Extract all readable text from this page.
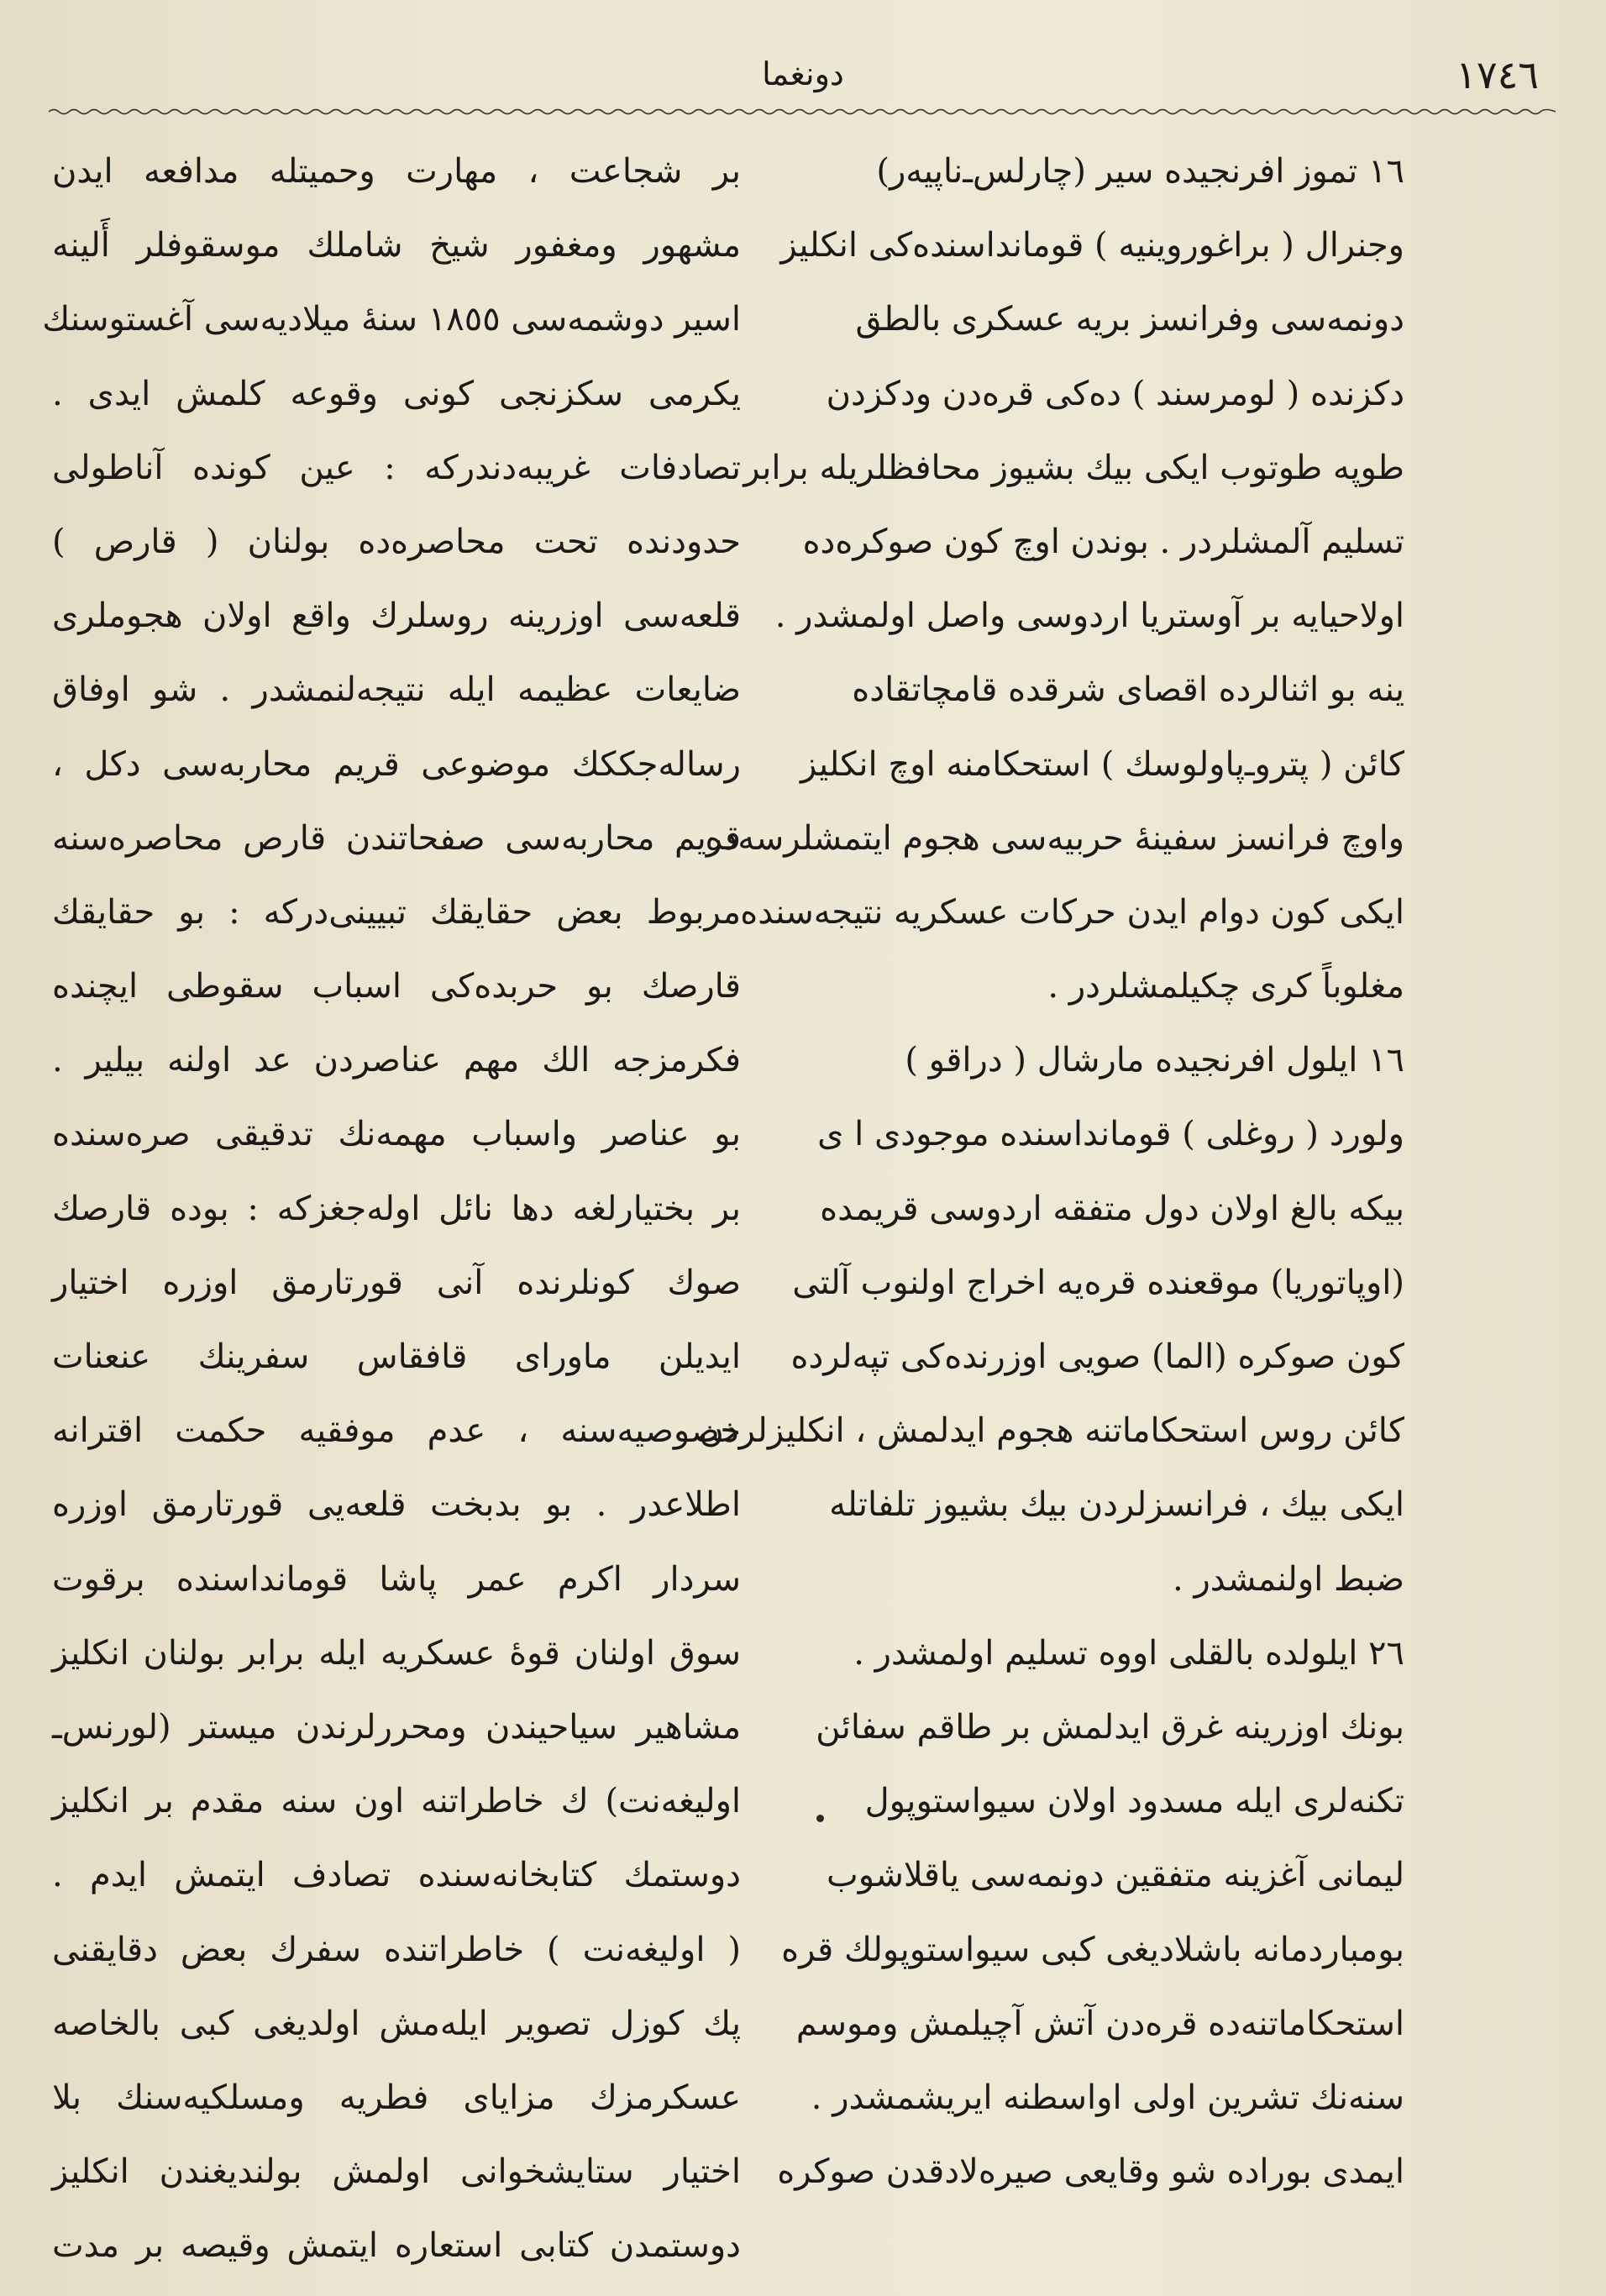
١٧٤٦
دونغما
١٦ تموز افرنجيده سير (چارلس‌ـ‌ناپيه‌ر)
وجنرال ( براغوروينيه ) قوماندا‌سنده‌كى انكليز
دونمه‌سى وفرانسز بريه عسكرى بالطق
دكزنده ( لومرسند ) ده‌كى قره‌دن ودكزدن
طوپه طوتوب ايكى بيك بشيوز محافظلريله برابر
تسليم آلمشلردر . بوندن اوچ كون صوكره‌ده
اولاحيايه بر آوستريا اردوسى واصل اولمشدر .
ينه بو اثنالرده اقصاى شرقده قامچاتقاده
كائن ( پترو‌ـ‌پاولوسك ) استحكامنه اوچ انكليز
واوچ فرانسز سفينهٔ حربيه‌سى هجوم ايتمشلرسه‌ده
ايكى كون دوام ايدن حركات عسكريه نتيجه‌سنده
مغلوباً كرى چكيلمشلردر .
١٦ ايلول افرنجيده مارشال ( دراقو )
ولورد ( روغلى ) قوماندا‌سنده موجودى ا ى
بيكه بالغ اولان دول متفقه اردوسى قريمده
(اوپاتوريا) موقعنده قره‌يه اخراج اولنوب آلتى
كون صوكره (الما) صويى اوزرنده‌كى تپه‌لرده
كائن روس استحكاماتنه هجوم ايدلمش ، انكليزلردن
ايكى بيك ، فرانسزلردن بيك بشيوز تلفاتله
ضبط اولنمشدر .
٢٦ ايلولده بالقلى اووه تسليم اولمشدر .
بونك اوزرينه غرق ايدلمش بر طاقم سفائن
تكنه‌لرى ايله مسدود اولان سيواستوپول
ليمانى آغزينه متفقين دونمه‌سى ياقلاشوب
بومباردمانه باشلاديغى كبى سيواستوپولك قره
استحكاماتنه‌ده قره‌دن آتش آچيلمش وموسم
سنه‌نك تشرين اولى اواسطنه ايريشمشدر .
ايمدى بوراده شو وقايعى صيره‌لادقدن صوكره
بر شجاعت ، مهارت وحميتله مدافعه ايدن
مشهور ومغفور شيخ شاملك موسقوفلر أَلينه
اسير دوشمه‌سى ١٨٥٥ سنهٔ ميلاديه‌سى آغستوسنك
يكرمى سكزنجى كونى وقوعه كلمش ايدى .
تصادفات غريبه‌دندركه : عين كونده آناطولى
حدودنده تحت محاصره‌ده بولنان ( قارص )
قلعه‌سى اوزرينه روسلرك واقع اولان هجوملرى
ضايعات عظيمه ايله نتيجه‌لنمشدر . شو اوفاق
رساله‌جككك موضوعى قريم محاربه‌سى دكل ،
قريم محاربه‌سى صفحاتندن قارص محاصره‌سنه
مربوط بعض حقايقك تبيينى‌دركه : بو حقايقك
قارصك بو حربده‌كى اسباب سقوطى ايچنده
فكرمزجه الك مهم عناصردن عد اولنه بيلير .
بو عناصر واسباب مهمه‌نك تدقيقى صره‌سنده
بر بختيارلغه دها نائل اوله‌جغزكه : بوده قارصك
صوك كونلرنده آنى قورتارمق اوزره اختيار
ايديلن ماوراى قافقاس سفرينك عنعنات
خصوصيه‌سنه ، عدم موفقيه حكمت اقترانه
اطلاعدر . بو بدبخت قلعه‌يى قورتارمق اوزره
سردار اكرم عمر پاشا قوماندا‌سنده برقوت
سوق اولنان قوهٔ عسكريه ايله برابر بولنان انكليز
مشاهير سياحيندن ومحررلرندن ميستر (لورنس‌ـ
اوليغه‌نت) ك خاطراتنه اون سنه مقدم بر انكليز
دوستمك كتابخانه‌سنده تصادف ايتمش ايدم .
( اوليغه‌نت ) خاطراتنده سفرك بعض دقايقنى
پك كوزل تصوير ايله‌مش اولديغى كبى بالخاصه
عسكرمزك مزاياى فطريه ومسلكيه‌سنك بلا
اختيار ستايشخوانى اولمش بولنديغندن انكليز
دوستمدن كتابى استعاره ايتمش وقيصه بر مدت
